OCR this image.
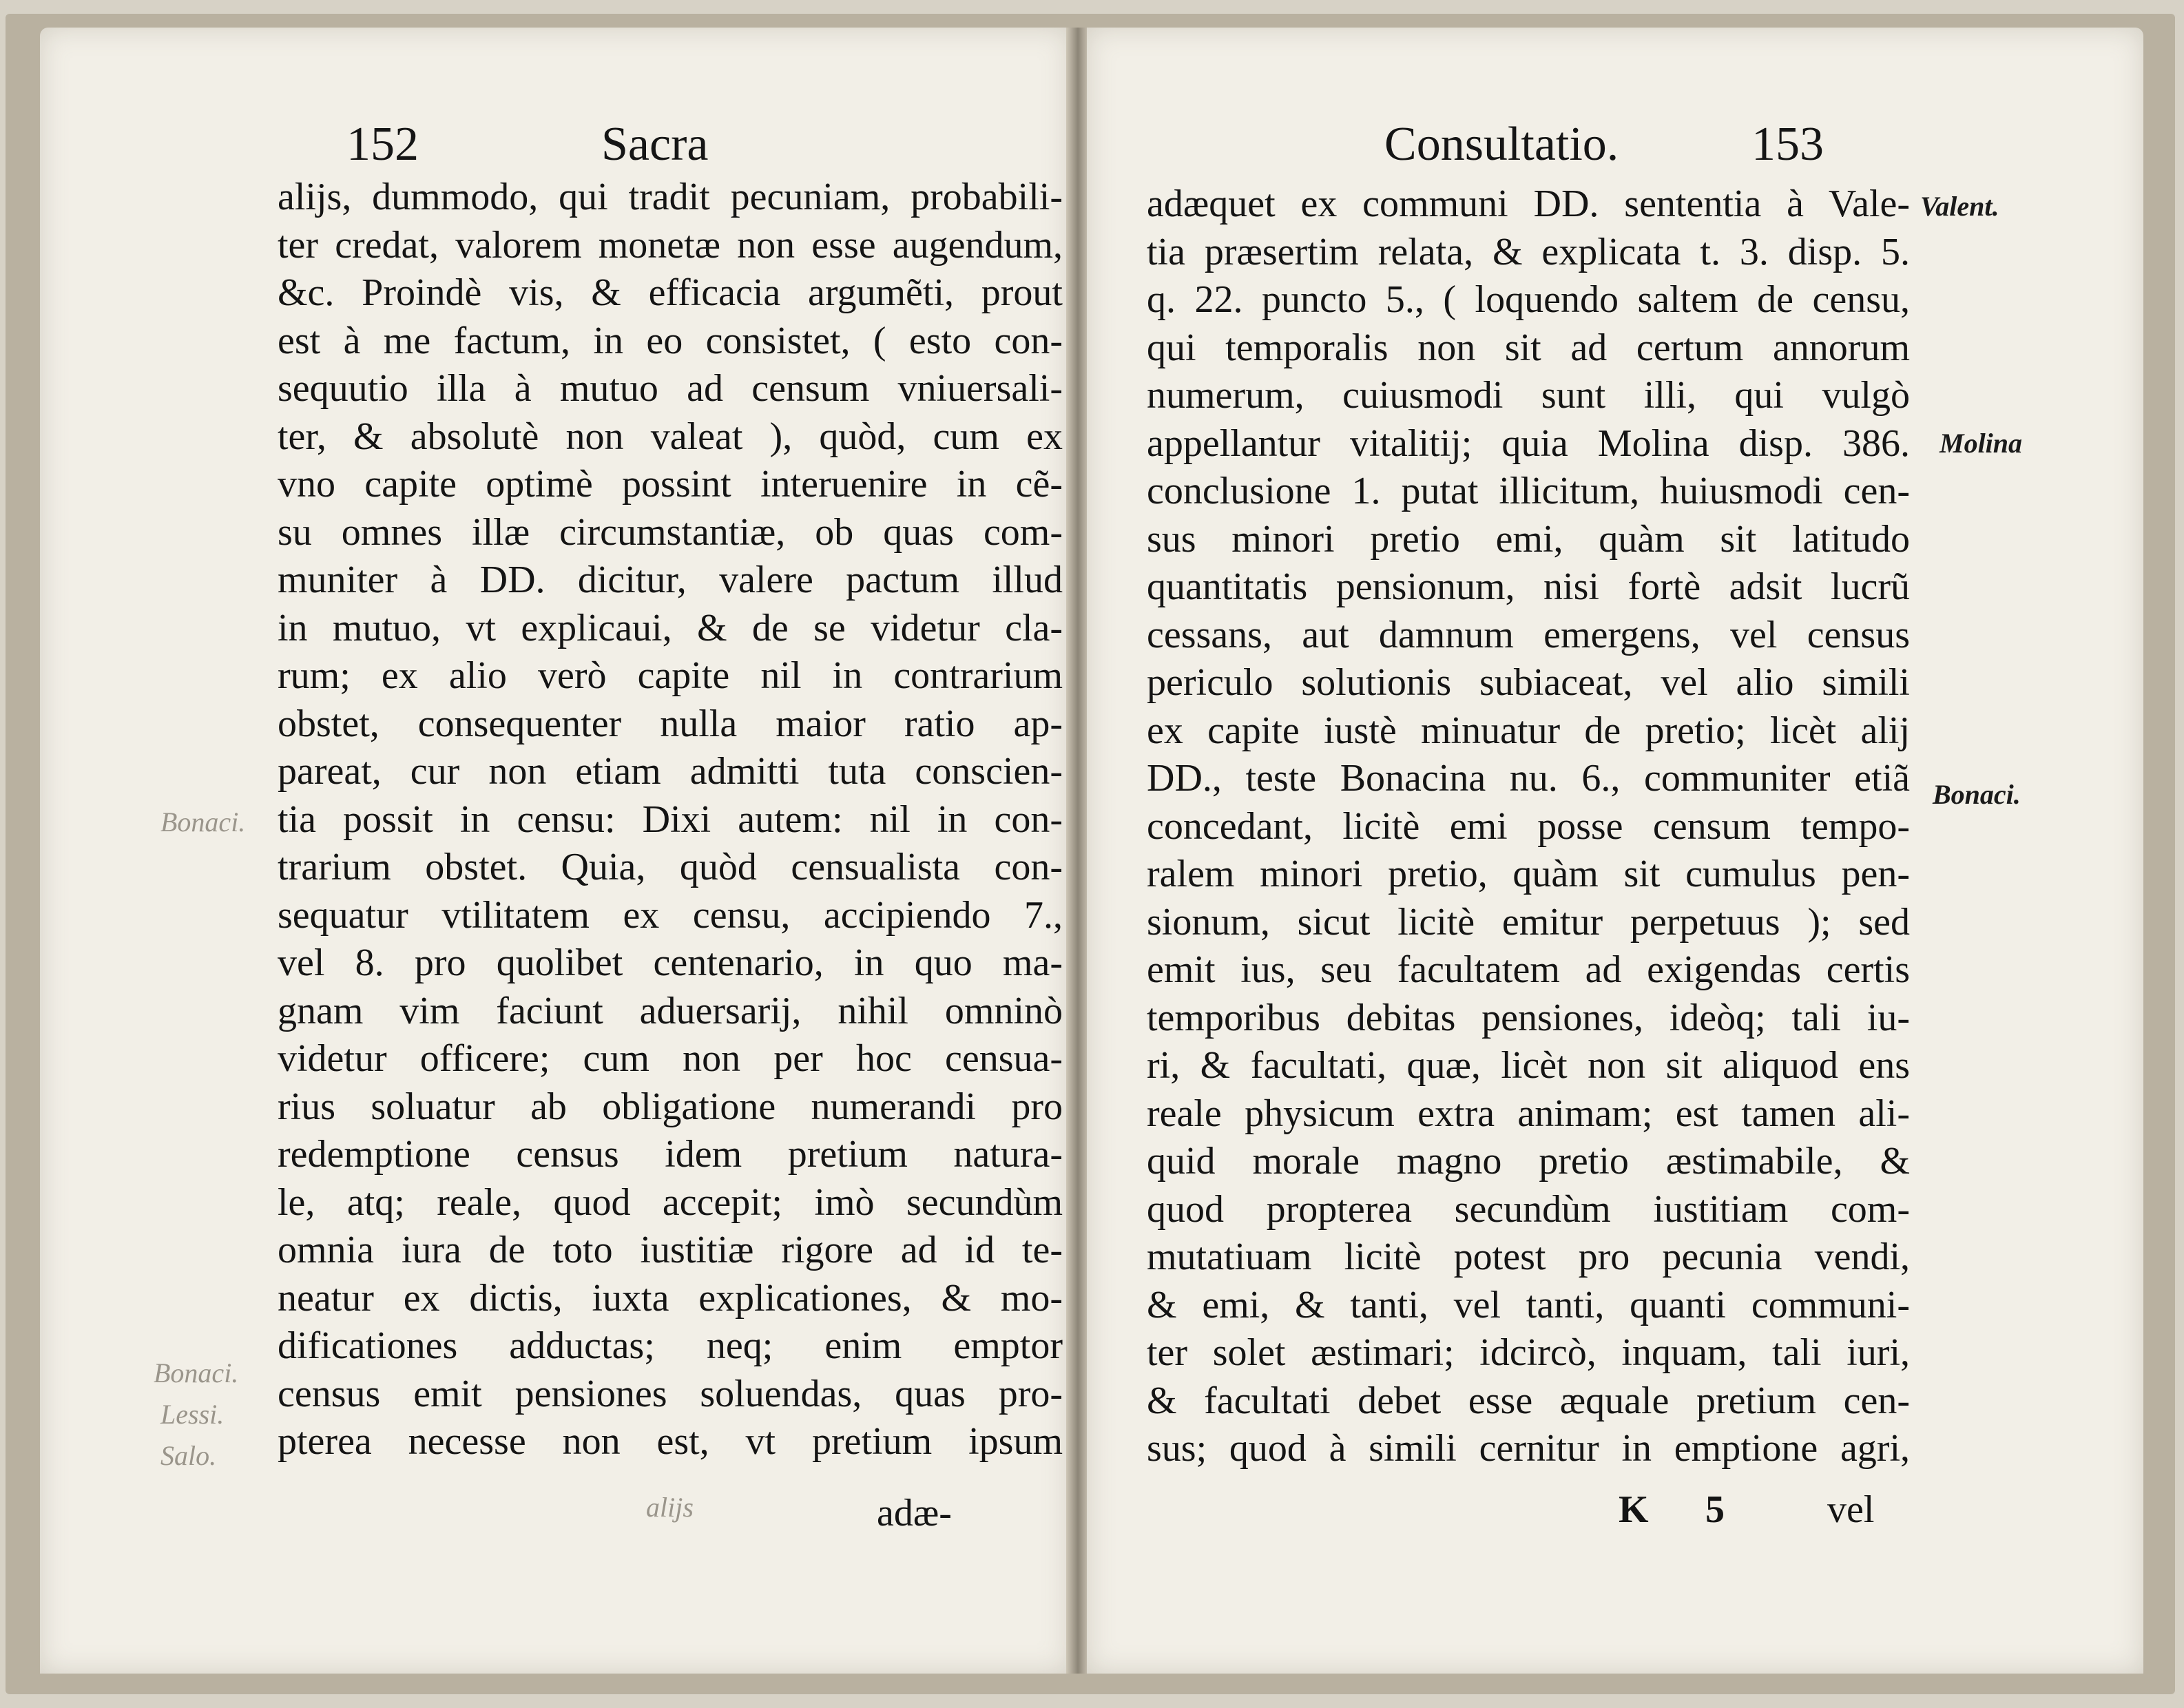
152	Sacra
alijs, dummodo, qui tradit pecuniam, probabili-
ter credat, valorem monetæ non esse augendum,
&c. Proindè vis, & efficacia argumẽti, prout
est à me factum, in eo consistet, ( esto con-
sequutio illa à mutuo ad censum vniuersali-
ter, & absolutè non valeat ), quòd, cum ex
vno capite optimè possint interuenire in cẽ-
su omnes illæ circumstantiæ, ob quas com-
muniter à DD. dicitur, valere pactum illud
in mutuo, vt explicaui, & de se videtur cla-
rum; ex alio verò capite nil in contrarium
obstet, consequenter nulla maior ratio ap-
pareat, cur non etiam admitti tuta conscien-
tia possit in censu: Dixi autem: nil in con-
trarium obstet. Quia, quòd censualista con-
sequatur vtilitatem ex censu, accipiendo 7.,
vel 8. pro quolibet centenario, in quo ma-
gnam vim faciunt aduersarij, nihil omninò
videtur officere; cum non per hoc censua-
rius soluatur ab obligatione numerandi pro
redemptione census idem pretium natura-
le, atq; reale, quod accepit; imò secundùm
omnia iura de toto iustitiæ rigore ad id te-
neatur ex dictis, iuxta explicationes, & mo-
dificationes adductas; neq; enim emptor
census emit pensiones soluendas, quas pro-
pterea necesse non est, vt pretium ipsum
adæ-
Bonaci.
Bonaci.
Lessi.
Salo.
alijs
Consultatio.	153
adæquet ex communi DD. sententia à Vale-
tia præsertim relata, & explicata t. 3. disp. 5.
q. 22. puncto 5., ( loquendo saltem de censu,
qui temporalis non sit ad certum annorum
numerum, cuiusmodi sunt illi, qui vulgò
appellantur vitalitij; quia Molina disp. 386.
conclusione 1. putat illicitum, huiusmodi cen-
sus minori pretio emi, quàm sit latitudo
quantitatis pensionum, nisi fortè adsit lucrũ
cessans, aut damnum emergens, vel census
periculo solutionis subiaceat, vel alio simili
ex capite iustè minuatur de pretio; licèt alij
DD., teste Bonacina nu. 6., communiter etiã
concedant, licitè emi posse censum tempo-
ralem minori pretio, quàm sit cumulus pen-
sionum, sicut licitè emitur perpetuus ); sed
emit ius, seu facultatem ad exigendas certis
temporibus debitas pensiones, ideòq; tali iu-
ri, & facultati, quæ, licèt non sit aliquod ens
reale physicum extra animam; est tamen ali-
quid morale magno pretio æstimabile, &
quod propterea secundùm iustitiam com-
mutatiuam licitè potest pro pecunia vendi,
& emi, & tanti, vel tanti, quanti communi-
ter solet æstimari; idcircò, inquam, tali iuri,
& facultati debet esse æquale pretium cen-
sus; quod à simili cernitur in emptione agri,
K 5	vel
Valent.
Molina
Bonaci.
